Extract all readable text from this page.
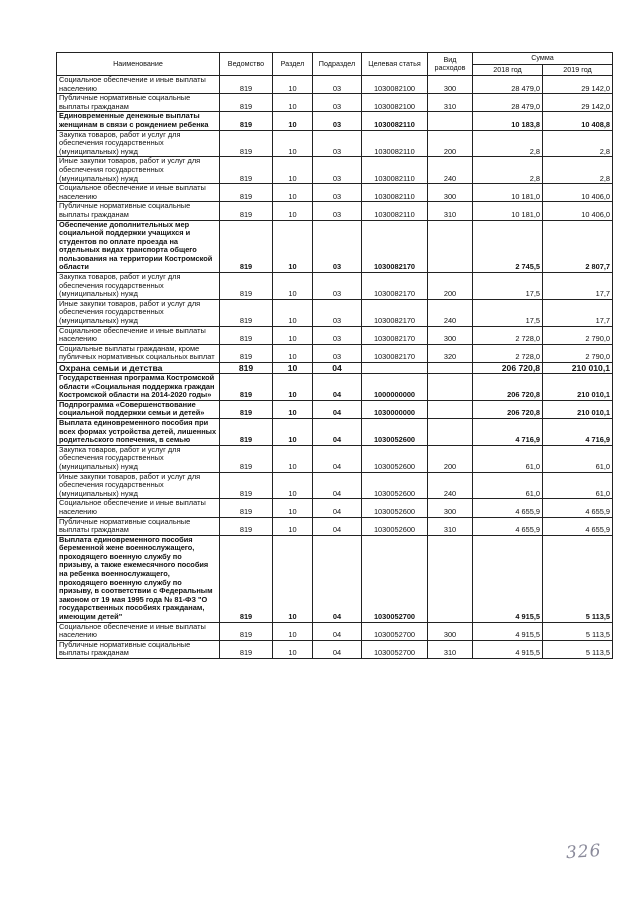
Наименование	Ведомство	Раздел	Подраздел	Целевая статья	Вид расходов	Сумма	
						2018 год	2019 год
Социальное обеспечение и иные выплаты населению	819	10	03	1030082100	300	28 479,0	29 142,0
Публичные нормативные социальные выплаты гражданам	819	10	03	1030082100	310	28 479,0	29 142,0
Единовременные денежные выплаты женщинам в связи с рождением ребенка	819	10	03	1030082110		10 183,8	10 408,8
Закупка товаров, работ и услуг для обеспечения государственных (муниципальных) нужд	819	10	03	1030082110	200	2,8	2,8
Иные закупки товаров, работ и услуг для обеспечения государственных (муниципальных) нужд	819	10	03	1030082110	240	2,8	2,8
Социальное обеспечение и иные выплаты населению	819	10	03	1030082110	300	10 181,0	10 406,0
Публичные нормативные социальные выплаты гражданам	819	10	03	1030082110	310	10 181,0	10 406,0
Обеспечение дополнительных мер социальной поддержки учащихся и студентов по оплате проезда на отдельных видах транспорта общего пользования на территории Костромской области	819	10	03	1030082170		2 745,5	2 807,7
Закупка товаров, работ и услуг для обеспечения государственных (муниципальных) нужд	819	10	03	1030082170	200	17,5	17,7
Иные закупки товаров, работ и услуг для обеспечения государственных (муниципальных) нужд	819	10	03	1030082170	240	17,5	17,7
Социальное обеспечение и иные выплаты населению	819	10	03	1030082170	300	2 728,0	2 790,0
Социальные выплаты гражданам, кроме публичных нормативных социальных выплат	819	10	03	1030082170	320	2 728,0	2 790,0
Охрана семьи и детства	819	10	04			206 720,8	210 010,1
Государственная программа Костромской области «Социальная поддержка граждан Костромской области на 2014-2020 годы»	819	10	04	1000000000		206 720,8	210 010,1
Подпрограмма «Совершенствование социальной поддержки семьи и детей»	819	10	04	1030000000		206 720,8	210 010,1
Выплата единовременного пособия при всех формах устройства детей, лишенных родительского попечения, в семью	819	10	04	1030052600		4 716,9	4 716,9
Закупка товаров, работ и услуг для обеспечения государственных (муниципальных) нужд	819	10	04	1030052600	200	61,0	61,0
Иные закупки товаров, работ и услуг для обеспечения государственных (муниципальных) нужд	819	10	04	1030052600	240	61,0	61,0
Социальное обеспечение и иные выплаты населению	819	10	04	1030052600	300	4 655,9	4 655,9
Публичные нормативные социальные выплаты гражданам	819	10	04	1030052600	310	4 655,9	4 655,9
Выплата единовременного пособия беременной жене военнослужащего, проходящего военную службу по призыву, а также ежемесячного пособия на ребенка военнослужащего, проходящего военную службу по призыву, в соответствии с Федеральным законом от 19 мая 1995 года № 81-ФЗ "О государственных пособиях гражданам, имеющим детей"	819	10	04	1030052700		4 915,5	5 113,5
Социальное обеспечение и иные выплаты населению	819	10	04	1030052700	300	4 915,5	5 113,5
Публичные нормативные социальные выплаты гражданам	819	10	04	1030052700	310	4 915,5	5 113,5
326
